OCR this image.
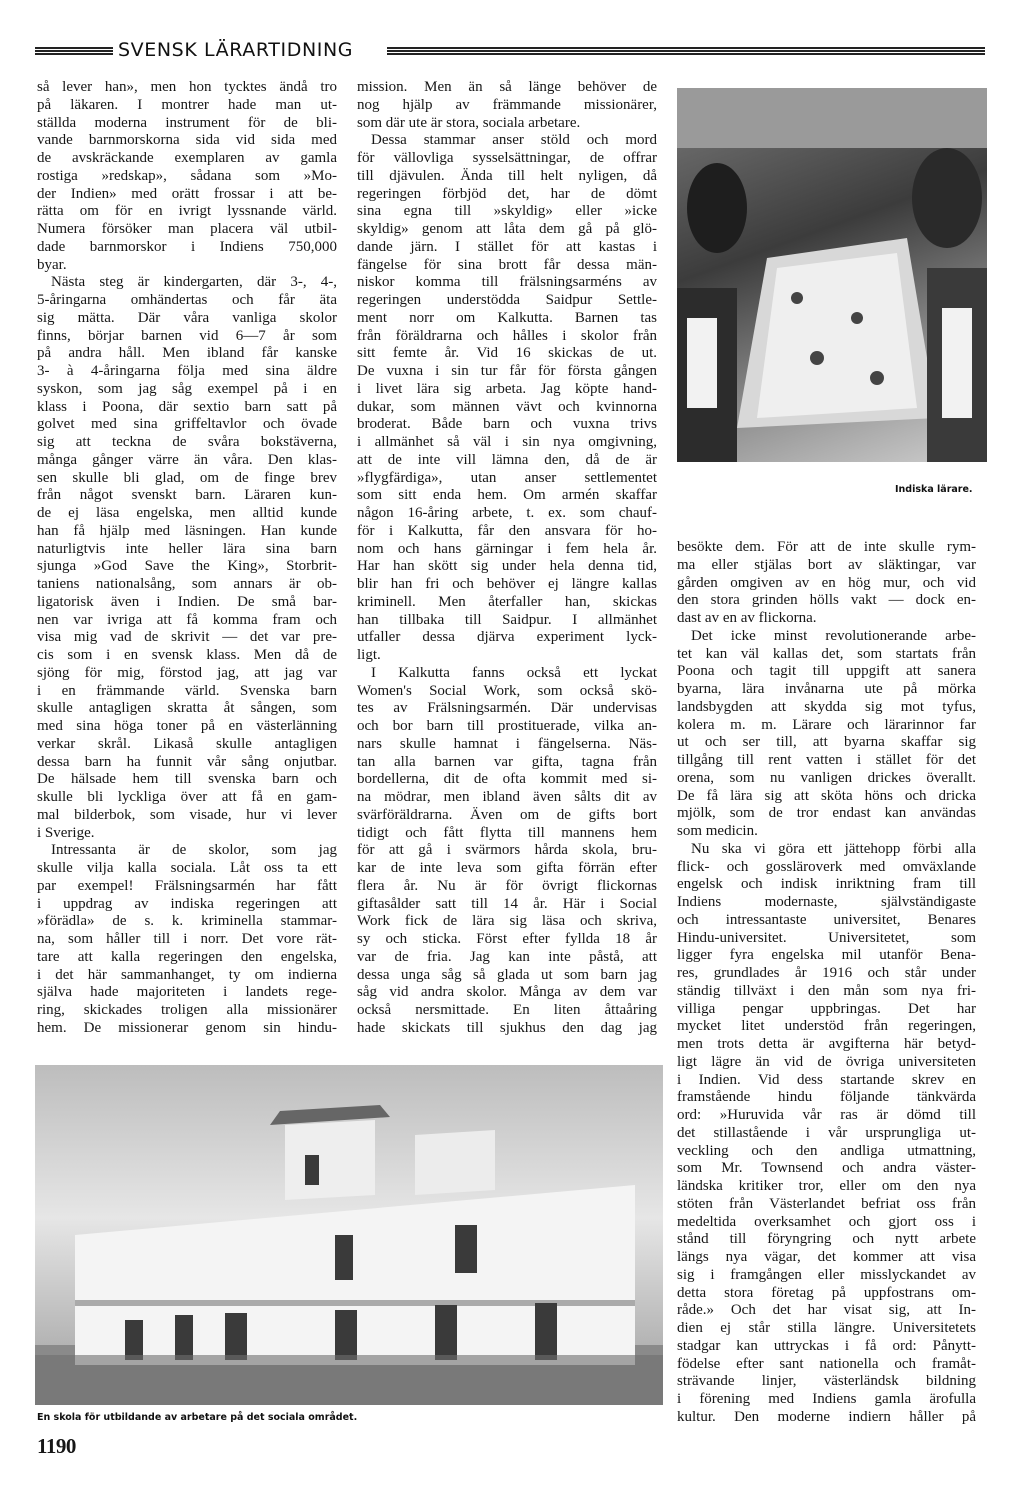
SVENSK LÄRARTIDNING
så lever han», men hon tycktes ändå tro
på läkaren. I montrer hade man ut-
ställda moderna instrument för de bli-
vande barnmorskorna sida vid sida med
de avskräckande exemplaren av gamla
rostiga »redskap», sådana som »Mo-
der Indien» med orätt frossar i att be-
rätta om för en ivrigt lyssnande värld.
Numera försöker man placera väl utbil-
dade barnmorskor i Indiens 750,000
byar.
Nästa steg är kindergarten, där 3-, 4-,
5-åringarna omhändertas och får äta
sig mätta. Där våra vanliga skolor
finns, börjar barnen vid 6—7 år som
på andra håll. Men ibland får kanske
3- à 4-åringarna följa med sina äldre
syskon, som jag såg exempel på i en
klass i Poona, där sextio barn satt på
golvet med sina griffeltavlor och övade
sig att teckna de svåra bokstäverna,
många gånger värre än våra. Den klas-
sen skulle bli glad, om de finge brev
från något svenskt barn. Läraren kun-
de ej läsa engelska, men alltid kunde
han få hjälp med läsningen. Han kunde
naturligtvis inte heller lära sina barn
sjunga »God Save the King», Storbrit-
taniens nationalsång, som annars är ob-
ligatorisk även i Indien. De små bar-
nen var ivriga att få komma fram och
visa mig vad de skrivit — det var pre-
cis som i en svensk klass. Men då de
sjöng för mig, förstod jag, att jag var
i en främmande värld. Svenska barn
skulle antagligen skratta åt sången, som
med sina höga toner på en västerlänning
verkar skrål. Likaså skulle antagligen
dessa barn ha funnit vår sång onjutbar.
De hälsade hem till svenska barn och
skulle bli lyckliga över att få en gam-
mal bilderbok, som visade, hur vi lever
i Sverige.
Intressanta är de skolor, som jag
skulle vilja kalla sociala. Låt oss ta ett
par exempel! Frälsningsarmén har fått
i uppdrag av indiska regeringen att
»förädla» de s. k. kriminella stammar-
na, som håller till i norr. Det vore rät-
tare att kalla regeringen den engelska,
i det här sammanhanget, ty om indierna
själva hade majoriteten i landets rege-
ring, skickades troligen alla missionärer
hem. De missionerar genom sin hindu-
mission. Men än så länge behöver de
nog hjälp av främmande missionärer,
som där ute är stora, sociala arbetare.
Dessa stammar anser stöld och mord
för vällovliga sysselsättningar, de offrar
till djävulen. Ända till helt nyligen, då
regeringen förbjöd det, har de dömt
sina egna till »skyldig» eller »icke
skyldig» genom att låta dem gå på glö-
dande järn. I stället för att kastas i
fängelse för sina brott får dessa män-
niskor komma till frälsningsarméns av
regeringen understödda Saidpur Settle-
ment norr om Kalkutta. Barnen tas
från föräldrarna och hålles i skolor från
sitt femte år. Vid 16 skickas de ut.
De vuxna i sin tur får för första gången
i livet lära sig arbeta. Jag köpte hand-
dukar, som männen vävt och kvinnorna
broderat. Både barn och vuxna trivs
i allmänhet så väl i sin nya omgivning,
att de inte vill lämna den, då de är
»flygfärdiga», utan anser settlementet
som sitt enda hem. Om armén skaffar
någon 16-åring arbete, t. ex. som chauf-
för i Kalkutta, får den ansvara för ho-
nom och hans gärningar i fem hela år.
Har han skött sig under hela denna tid,
blir han fri och behöver ej längre kallas
kriminell. Men återfaller han, skickas
han tillbaka till Saidpur. I allmänhet
utfaller dessa djärva experiment lyck-
ligt.
I Kalkutta fanns också ett lyckat
Women's Social Work, som också skö-
tes av Frälsningsarmén. Där undervisas
och bor barn till prostituerade, vilka an-
nars skulle hamnat i fängelserna. Näs-
tan alla barnen var gifta, tagna från
bordellerna, dit de ofta kommit med si-
na mödrar, men ibland även sålts dit av
svärföräldrarna. Även om de gifts bort
tidigt och fått flytta till mannens hem
för att gå i svärmors hårda skola, bru-
kar de inte leva som gifta förrän efter
flera år. Nu är för övrigt flickornas
giftasålder satt till 14 år. Här i Social
Work fick de lära sig läsa och skriva,
sy och sticka. Först efter fyllda 18 år
var de fria. Jag kan inte påstå, att
dessa unga såg så glada ut som barn jag
såg vid andra skolor. Många av dem var
också nersmittade. En liten åttaåring
hade skickats till sjukhus den dag jag
besökte dem. För att de inte skulle rym-
ma eller stjälas bort av släktingar, var
gården omgiven av en hög mur, och vid
den stora grinden hölls vakt — dock en-
dast av en av flickorna.
Det icke minst revolutionerande arbe-
tet kan väl kallas det, som startats från
Poona och tagit till uppgift att sanera
byarna, lära invånarna ute på mörka
landsbygden att skydda sig mot tyfus,
kolera m. m. Lärare och lärarinnor far
ut och ser till, att byarna skaffar sig
tillgång till rent vatten i stället för det
orena, som nu vanligen drickes överallt.
De få lära sig att sköta höns och dricka
mjölk, som de tror endast kan användas
som medicin.
Nu ska vi göra ett jättehopp förbi alla
flick- och gossläroverk med omväxlande
engelsk och indisk inriktning fram till
Indiens modernaste, självständigaste
och intressantaste universitet, Benares
Hindu-universitet. Universitetet, som
ligger fyra engelska mil utanför Bena-
res, grundlades år 1916 och står under
ständig tillväxt i den mån som nya fri-
villiga pengar uppbringas. Det har
mycket litet understöd från regeringen,
men trots detta är avgifterna här betyd-
ligt lägre än vid de övriga universiteten
i Indien. Vid dess startande skrev en
framstående hindu följande tänkvärda
ord: »Huruvida vår ras är dömd till
det stillastående i vår ursprungliga ut-
veckling och den andliga utmattning,
som Mr. Townsend och andra väster-
ländska kritiker tror, eller om den nya
stöten från Västerlandet befriat oss från
medeltida overksamhet och gjort oss i
stånd till föryngring och nytt arbete
längs nya vägar, det kommer att visa
sig i framgången eller misslyckandet av
detta stora företag på uppfostrans om-
råde.» Och det har visat sig, att In-
dien ej står stilla längre. Universitetets
stadgar kan uttryckas i få ord: Pånytt-
födelse efter sant nationella och framåt-
strävande linjer, västerländsk bildning
i förening med Indiens gamla ärofulla
kultur. Den moderne indiern håller på
Indiska lärare.
En skola för utbildande av arbetare på det sociala området.
1190
